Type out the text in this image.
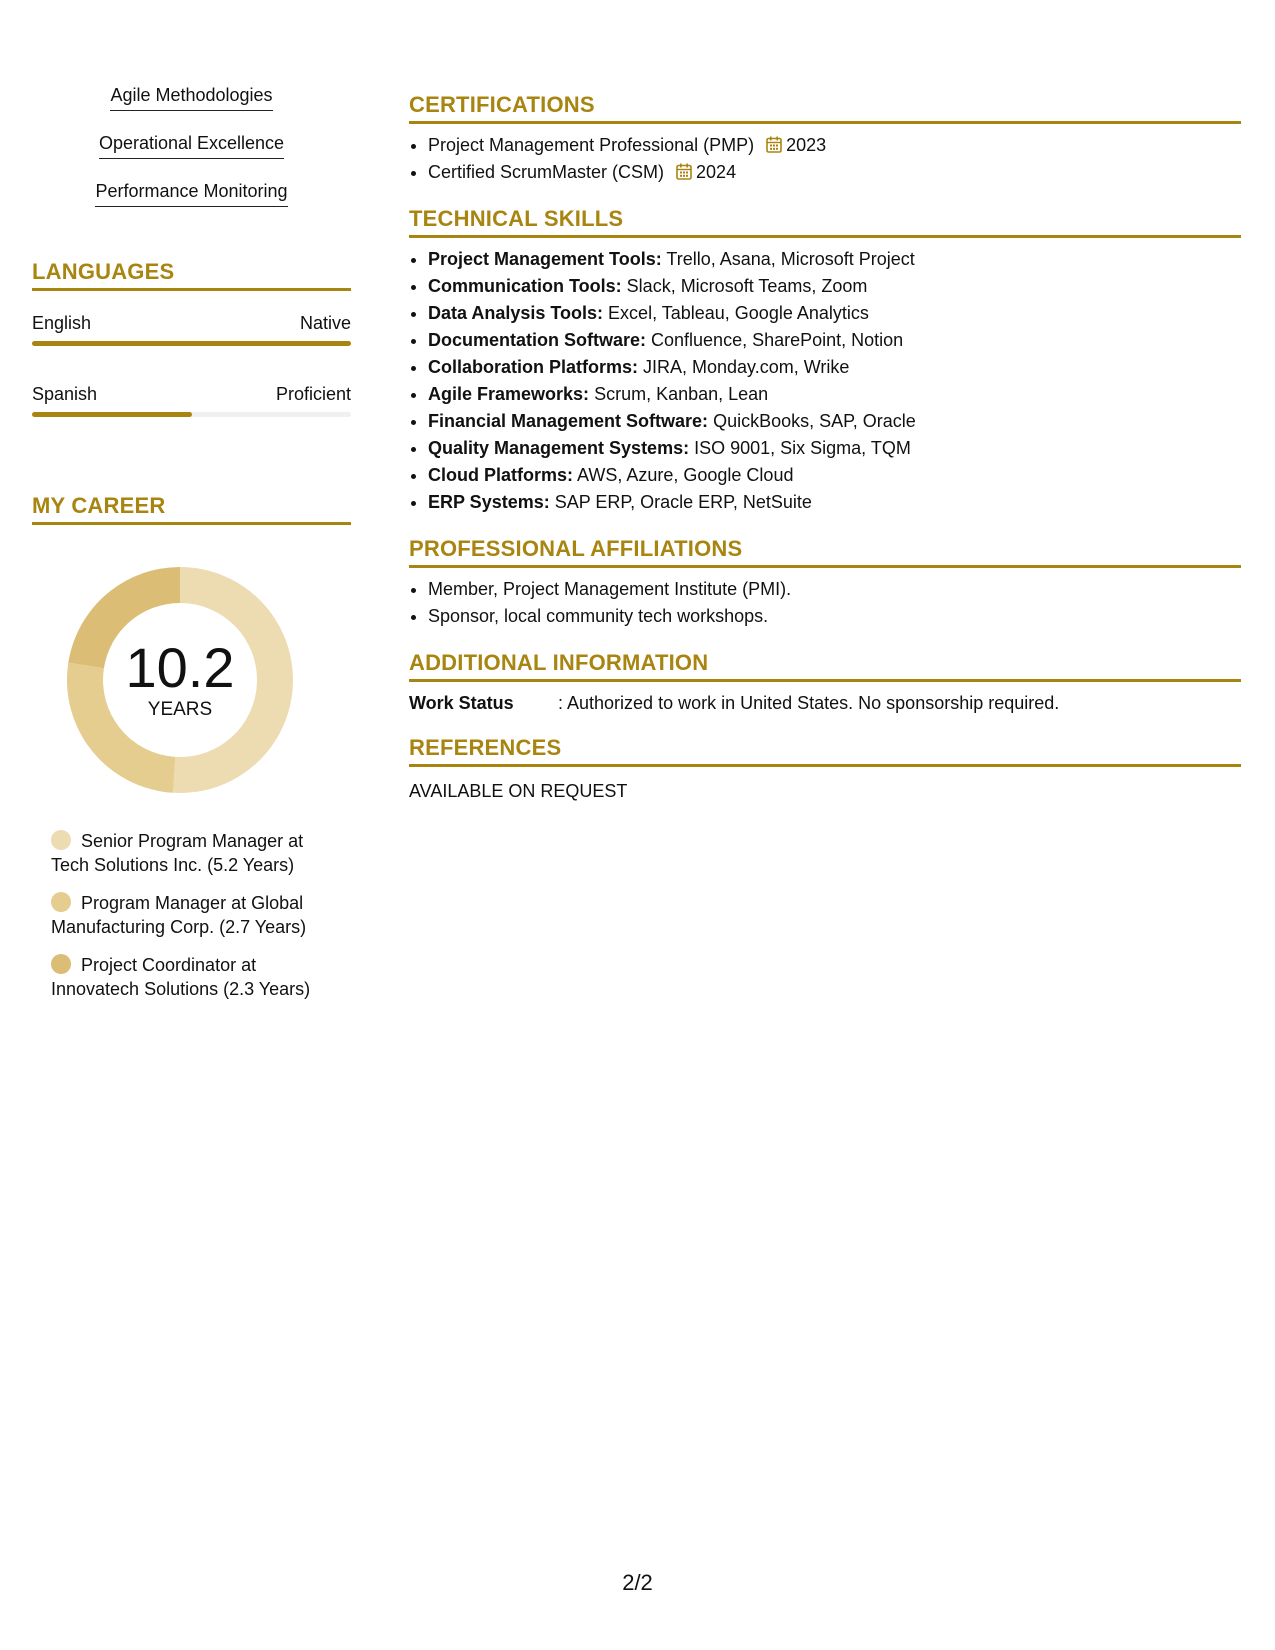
Agile Methodologies
Operational Excellence
Performance Monitoring
LANGUAGES
English	Native
Spanish	Proficient
MY CAREER
10.2
YEARS
Senior Program Manager at Tech Solutions Inc. (5.2 Years)
Program Manager at Global Manufacturing Corp. (2.7 Years)
Project Coordinator at Innovatech Solutions (2.3 Years)
CERTIFICATIONS
• Project Management Professional (PMP) 2023
• Certified ScrumMaster (CSM) 2024
TECHNICAL SKILLS
• Project Management Tools: Trello, Asana, Microsoft Project
• Communication Tools: Slack, Microsoft Teams, Zoom
• Data Analysis Tools: Excel, Tableau, Google Analytics
• Documentation Software: Confluence, SharePoint, Notion
• Collaboration Platforms: JIRA, Monday.com, Wrike
• Agile Frameworks: Scrum, Kanban, Lean
• Financial Management Software: QuickBooks, SAP, Oracle
• Quality Management Systems: ISO 9001, Six Sigma, TQM
• Cloud Platforms: AWS, Azure, Google Cloud
• ERP Systems: SAP ERP, Oracle ERP, NetSuite
PROFESSIONAL AFFILIATIONS
• Member, Project Management Institute (PMI).
• Sponsor, local community tech workshops.
ADDITIONAL INFORMATION
Work Status	: Authorized to work in United States. No sponsorship required.
REFERENCES
AVAILABLE ON REQUEST
2/2
